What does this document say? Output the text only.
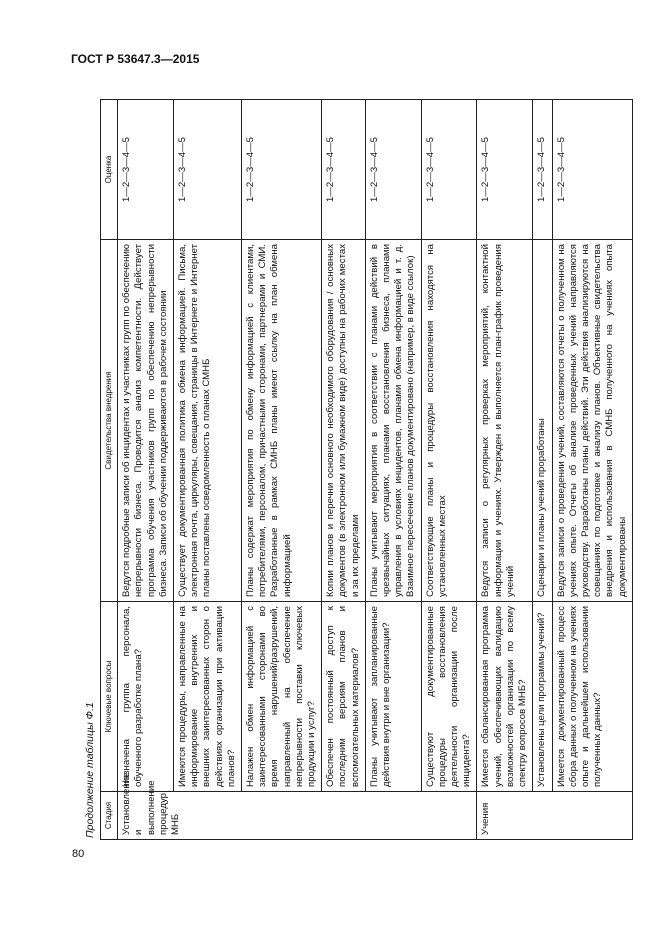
ГОСТ Р 53647.3—2015
80
Продолжение таблицы Ф.1	Стадия	Ключевые вопросы	Свидетельства внедрения	Оценка
Установление и выполнение процедур МНБ	Назначена группа персонала, обученного разработке плана?	Ведутся подробные записи об инцидентах и участниках групп по обеспечению непрерывности бизнеса. Проводится анализ компетентности. Действует программа обучения участников групп по обеспечению непрерывности бизнеса. Записи об обучении поддерживаются в рабочем состоянии	1—2—3—4—5
	Имеются процедуры, направленные на информирование внутренних и внешних заинтересованных сторон о действиях организации при активации планов?	Существует документированная политика обмена информацией. Письма, электронная почта, циркуляры, совещания, страницы в Интернете и Интернет планы поставлены осведомленность о планах СМНБ	1—2—3—4—5
	Налажен обмен информацией с заинтересованными сторонами во время нарушений/разрушений, направленный на обеспечение непрерывности поставки ключевых продукции и услуг?	Планы содержат мероприятия по обмену информацией с клиентами, потребителями, персоналом, причастными сторонами, партнерами и СМИ. Разработанные в рамках СМНБ планы имеют ссылку на план обмена информацией	1—2—3—4—5
	Обеспечен постоянный доступ к последним версиям планов и вспомогательных материалов?	Копии планов и перечни основного необходимого оборудования / основных документов (в электронном или бумажном виде) доступны на рабочих местах и за их пределами	1—2—3—4—5
	Планы учитывают запланированные действия внутри и вне организации?	Планы учитывают мероприятия в соответствии с планами действий в чрезвычайных ситуациях, планами восстановления бизнеса, планами управления в условиях инцидентов, планами обмена информацией и т. д. Взаимное пересечение планов документировано (например, в виде ссылок)	1—2—3—4—5
	Существуют документированные процедуры восстановления деятельности организации после инцидента?	Соответствующие планы и процедуры восстановления находятся на установленных местах	1—2—3—4—5
Учения	Имеется сбалансированная программа учений, обеспечивающих валидацию возможностей организации по всему спектру вопросов МНБ?	Ведутся записи о регулярных проверках мероприятий, контактной информации и учениях. Утвержден и выполняется план-график проведения учений	1—2—3—4—5
	Установлены цели программы учений?	Сценарии и планы учений проработаны	1—2—3—4—5
	Имеется документированный процесс сбора данных о полученном на учениях опыте и дальнейшем использовании полученных данных?	Ведутся записи о проведении учений, составляются отчеты о полученном на учениях опыте. Отчеты об анализе проведенных учений направляются руководству. Разработаны планы действий. Эти действия анализируются на совещаниях по подготовке и анализу планов. Объективные свидетельства внедрения и использования в СМНБ полученного на учениях опыта документированы	1—2—3—4—5
